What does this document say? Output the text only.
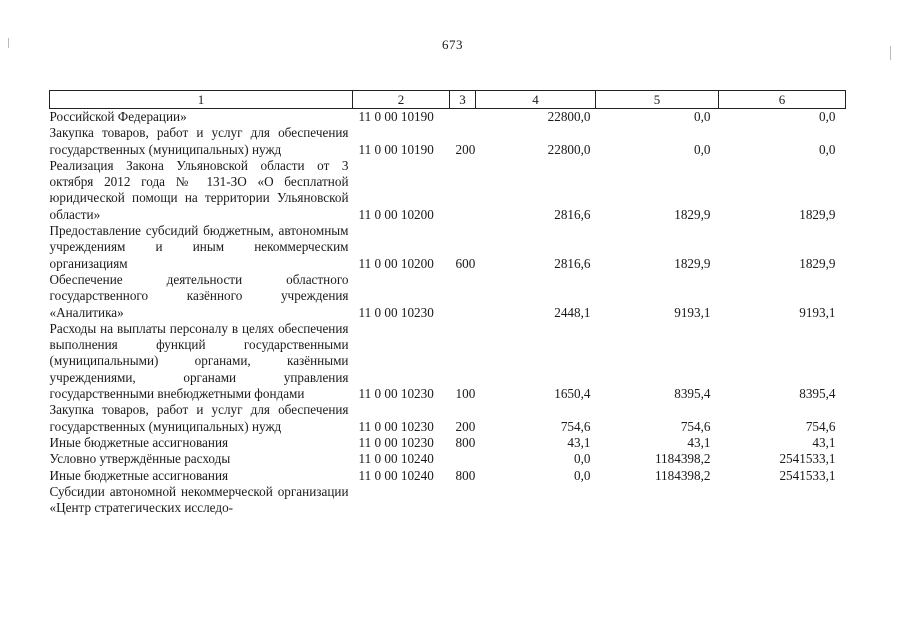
673
1	2	3	4	5	6
Российской Федерации»	11 0 00 10190		22800,0	0,0	0,0
Закупка товаров, работ и услуг для обеспечения государственных (муниципальных) нужд	11 0 00 10190	200	22800,0	0,0	0,0
Реализация Закона Ульяновской области от 3 октября 2012 года № 131-ЗО «О бесплатной юридической помощи на территории Ульяновской области»	11 0 00 10200		2816,6	1829,9	1829,9
Предоставление субсидий бюджетным, автономным учреждениям и иным некоммерческим организациям	11 0 00 10200	600	2816,6	1829,9	1829,9
Обеспечение деятельности областного государственного казённого учреждения «Аналитика»	11 0 00 10230		2448,1	9193,1	9193,1
Расходы на выплаты персоналу в целях обеспечения выполнения функций государственными (муниципальными) органами, казёнными учреждениями, органами управления государственными внебюджетными фондами	11 0 00 10230	100	1650,4	8395,4	8395,4
Закупка товаров, работ и услуг для обеспечения государственных (муниципальных) нужд	11 0 00 10230	200	754,6	754,6	754,6
Иные бюджетные ассигнования	11 0 00 10230	800	43,1	43,1	43,1
Условно утверждённые расходы	11 0 00 10240		0,0	1184398,2	2541533,1
Иные бюджетные ассигнования	11 0 00 10240	800	0,0	1184398,2	2541533,1
Субсидии автономной некоммерческой организации «Центр стратегических исследо-					
